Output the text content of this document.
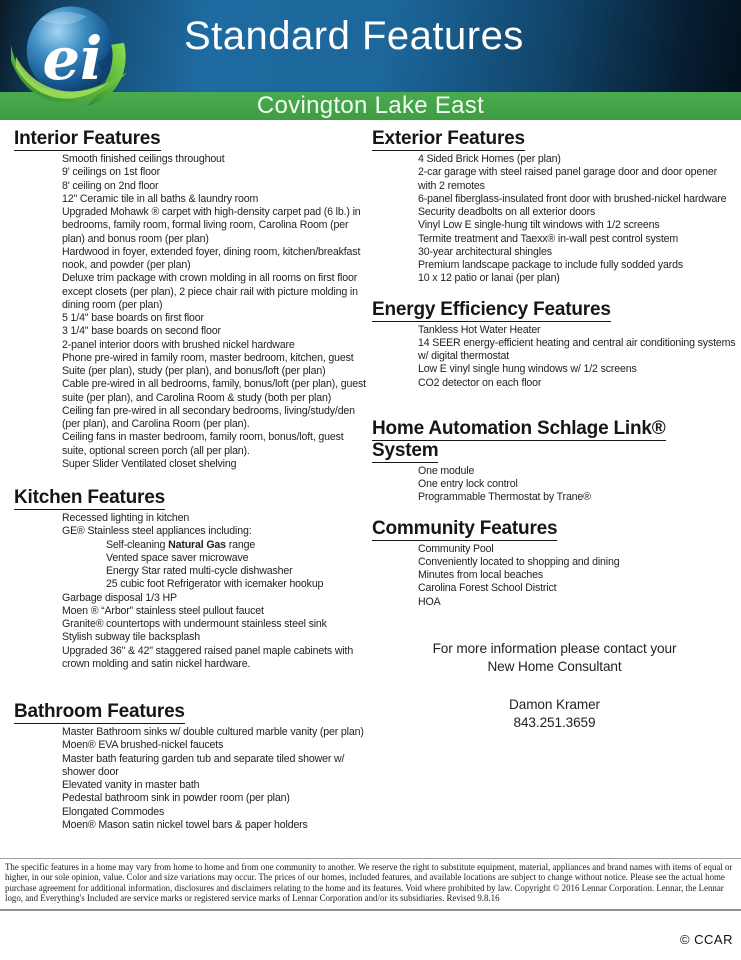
ei Standard Features
Covington Lake East
Interior Features

Smooth finished ceilings throughout

9' ceilings on 1st floor

8' ceiling on 2nd floor

12" Ceramic tile in all baths & laundry room

Upgraded Mohawk ® carpet with high-density carpet pad (6 lb.) in bedrooms, family room, formal living room, Carolina Room (per plan) and bonus room (per plan)

Hardwood in foyer, extended foyer, dining room, kitchen/breakfast nook, and powder (per plan)

Deluxe trim package with crown molding in all rooms on first floor except closets (per plan), 2 piece chair rail with picture molding in dining room (per plan)

5 1/4" base boards on first floor

3 1/4" base boards on second floor

2-panel interior doors with brushed nickel hardware

Phone pre-wired in family room, master bedroom, kitchen, guest Suite (per plan), study (per plan), and bonus/loft (per plan)

Cable pre-wired in all bedrooms, family, bonus/loft (per plan), guest suite (per plan), and Carolina Room & study (both per plan)

Ceiling fan pre-wired in all secondary bedrooms, living/study/den (per plan), and Carolina Room (per plan).

Ceiling fans in master bedroom, family room, bonus/loft, guest suite, optional screen porch (all per plan).

Super Slider Ventilated closet shelving

Kitchen Features

Recessed lighting in kitchen

GE® Stainless steel appliances including:

Self-cleaning Natural Gas range

Vented space saver microwave

Energy Star rated multi-cycle dishwasher

25 cubic foot Refrigerator with icemaker hookup

Garbage disposal 1/3 HP

Moen ® “Arbor” stainless steel pullout faucet

Granite® countertops with undermount stainless steel sink

Stylish subway tile backsplash

Upgraded 36" & 42" staggered raised panel maple cabinets with crown molding and satin nickel hardware.

Bathroom Features

Master Bathroom sinks w/ double cultured marble vanity (per plan)

Moen® EVA brushed-nickel faucets

Master bath featuring garden tub and separate tiled shower w/ shower door

Elevated vanity in master bath

Pedestal bathroom sink in powder room (per plan)

Elongated Commodes

Moen® Mason satin nickel towel bars & paper holders

Exterior Features

4 Sided Brick Homes (per plan)

2-car garage with steel raised panel garage door and door opener with 2 remotes

6-panel fiberglass-insulated front door with brushed-nickel hardware

Security deadbolts on all exterior doors

Vinyl Low E single-hung tilt windows with 1/2 screens

Termite treatment and Taexx® in-wall pest control system

30-year architectural shingles

Premium landscape package to include fully sodded yards

10 x 12 patio or lanai (per plan)

Energy Efficiency Features

Tankless Hot Water Heater

14 SEER energy-efficient heating and central air conditioning systems w/ digital thermostat

Low E vinyl single hung windows w/ 1/2 screens

CO2 detector on each floor

Home Automation Schlage Link® System

One module

One entry lock control

Programmable Thermostat by Trane®

Community Features

Community Pool

Conveniently located to shopping and dining

Minutes from local beaches

Carolina Forest School District

HOA

For more information please contact your

New Home Consultant

Damon Kramer

843.251.3659

The specific features in a home may vary from home to home and from one community to another. We reserve the right to substitute equipment, material, appliances and brand names with items of equal or higher, in our sole opinion, value. Color and size variations may occur. The prices of our homes, included features, and available locations are subject to change without notice. Please see the actual home purchase agreement for additional information, disclosures and disclaimers relating to the home and its features. Void where prohibited by law. Copyright © 2016 Lennar Corporation. Lennar, the Lennar logo, and Everything's Included are service marks or registered service marks of Lennar Corporation and/or its subsidiaries. Revised 9.8.16

© CCAR
